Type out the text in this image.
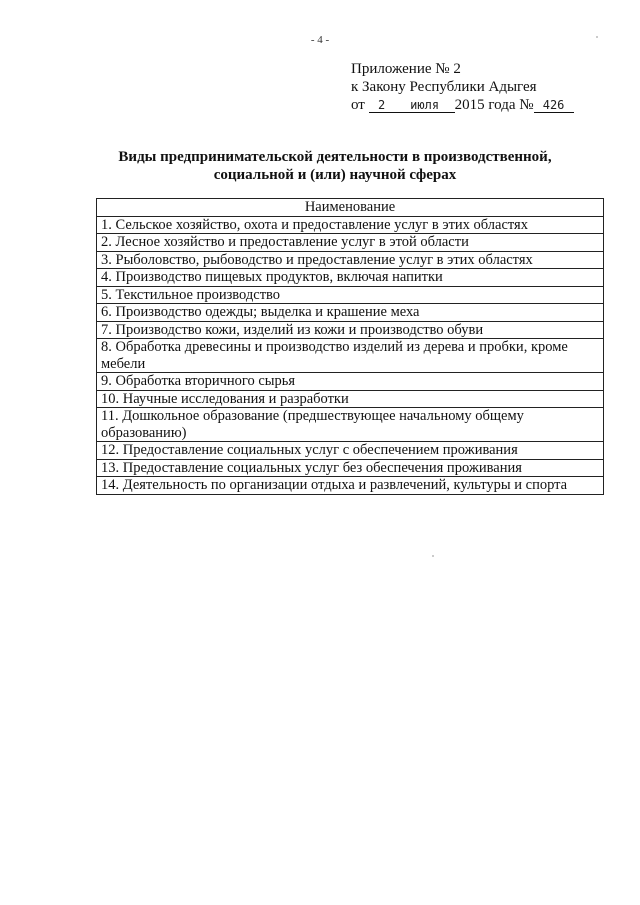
- 4 -
Приложение № 2
к Закону Республики Адыгея
от 2 июля 2015 года № 426
Виды предпринимательской деятельности в производственной,
социальной и (или) научной сферах
Наименование
1. Сельское хозяйство, охота и предоставление услуг в этих областях
2. Лесное хозяйство и предоставление услуг в этой области
3. Рыболовство, рыбоводство и предоставление услуг в этих областях
4. Производство пищевых продуктов, включая напитки
5. Текстильное производство
6. Производство одежды; выделка и крашение меха
7. Производство кожи, изделий из кожи и производство обуви
8. Обработка древесины и производство изделий из дерева и пробки, кроме мебели
9. Обработка вторичного сырья
10. Научные исследования и разработки
11. Дошкольное образование (предшествующее начальному общему образованию)
12. Предоставление социальных услуг с обеспечением проживания
13. Предоставление социальных услуг без обеспечения проживания
14. Деятельность по организации отдыха и развлечений, культуры и спорта
